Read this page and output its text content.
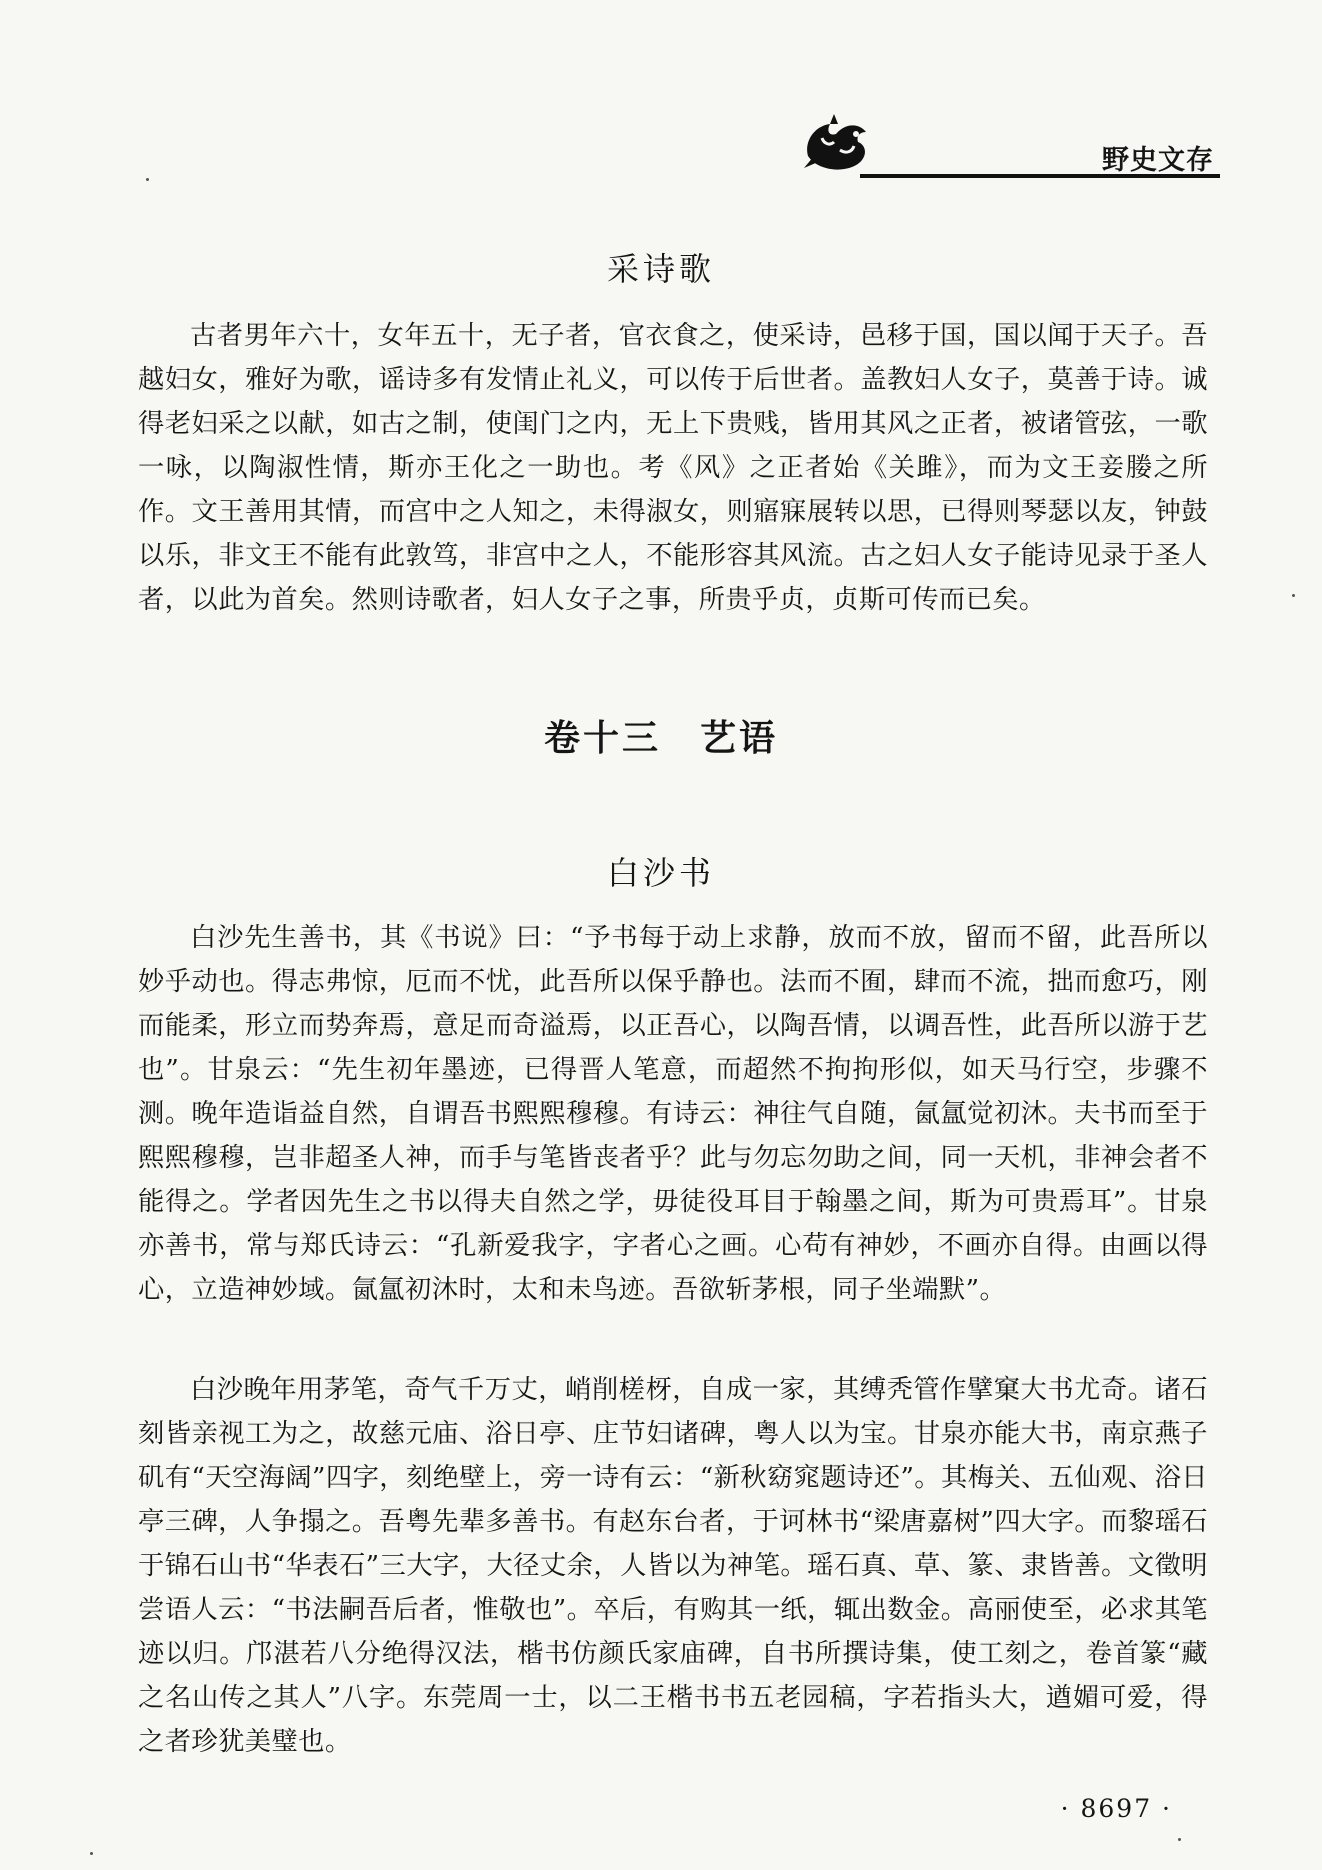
野史文存
采诗歌

古者男年六十，女年五十，无子者，官衣食之，使采诗，邑移于国，国以闻于天子。吾越妇女，雅好为歌，谣诗多有发情止礼义，可以传于后世者。盖教妇人女子，莫善于诗。诚得老妇采之以献，如古之制，使闺门之内，无上下贵贱，皆用其风之正者，被诸管弦，一歌一咏，以陶淑性情，斯亦王化之一助也。考《风》之正者始《关雎》，而为文王妾媵之所作。文王善用其情，而宫中之人知之，未得淑女，则寤寐展转以思，已得则琴瑟以友，钟鼓以乐，非文王不能有此敦笃，非宫中之人，不能形容其风流。古之妇人女子能诗见录于圣人者，以此为首矣。然则诗歌者，妇人女子之事，所贵乎贞，贞斯可传而已矣。

卷十三　艺语
白沙书

白沙先生善书，其《书说》曰：“予书每于动上求静，放而不放，留而不留，此吾所以妙乎动也。得志弗惊，厄而不忧，此吾所以保乎静也。法而不囿，肆而不流，拙而愈巧，刚而能柔，形立而势奔焉，意足而奇溢焉，以正吾心，以陶吾情，以调吾性，此吾所以游于艺也”。甘泉云：“先生初年墨迹，已得晋人笔意，而超然不拘拘形似，如天马行空，步骤不测。晚年造诣益自然，自谓吾书熙熙穆穆。有诗云：神往气自随，氤氲觉初沐。夫书而至于熙熙穆穆，岂非超圣人神，而手与笔皆丧者乎？此与勿忘勿助之间，同一天机，非神会者不能得之。学者因先生之书以得夫自然之学，毋徒役耳目于翰墨之间，斯为可贵焉耳”。甘泉亦善书，常与郑氏诗云：“孔新爱我字，字者心之画。心苟有神妙，不画亦自得。由画以得心，立造神妙域。氤氲初沐时，太和未鸟迹。吾欲斩茅根，同子坐端默”。

白沙晚年用茅笔，奇气千万丈，峭削槎枒，自成一家，其缚秃管作擘窠大书尤奇。诸石刻皆亲视工为之，故慈元庙、浴日亭、庄节妇诸碑，粤人以为宝。甘泉亦能大书，南京燕子矶有“天空海阔”四字，刻绝壁上，旁一诗有云：“新秋窈窕题诗还”。其梅关、五仙观、浴日亭三碑，人争搨之。吾粤先辈多善书。有赵东台者，于诃林书“梁唐嘉树”四大字。而黎瑶石于锦石山书“华表石”三大字，大径丈余，人皆以为神笔。瑶石真、草、篆、隶皆善。文徵明尝语人云：“书法嗣吾后者，惟敬也”。卒后，有购其一纸，辄出数金。高丽使至，必求其笔迹以归。邝湛若八分绝得汉法，楷书仿颜氏家庙碑，自书所撰诗集，使工刻之，卷首篆“藏之名山传之其人”八字。东莞周一士，以二王楷书书五老园稿，字若指头大，遒媚可爱，得之者珍犹美璧也。

· 8697 ·
